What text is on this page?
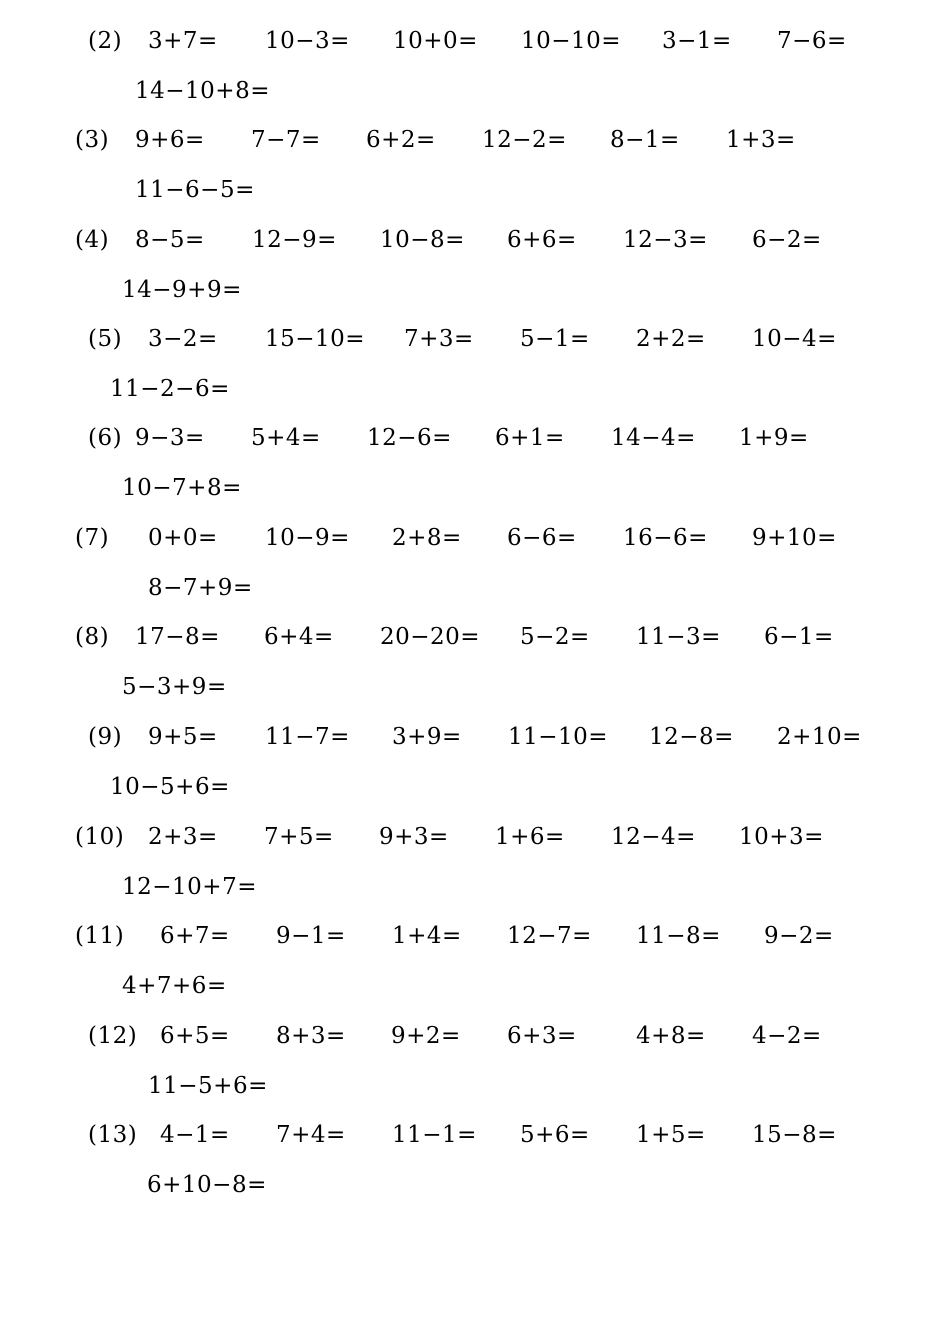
(2) 3+7= 10−3= 10+0= 10−10= 3−1= 7−6=
14−10+8=
(3) 9+6= 7−7= 6+2= 12−2= 8−1= 1+3=
11−6−5=
(4) 8−5= 12−9= 10−8= 6+6= 12−3= 6−2=
14−9+9=
(5) 3−2= 15−10= 7+3= 5−1= 2+2= 10−4=
11−2−6=
(6) 9−3= 5+4= 12−6= 6+1= 14−4= 1+9=
10−7+8=
(7) 0+0= 10−9= 2+8= 6−6= 16−6= 9+10=
8−7+9=
(8) 17−8= 6+4= 20−20= 5−2= 11−3= 6−1=
5−3+9=
(9) 9+5= 11−7= 3+9= 11−10= 12−8= 2+10=
10−5+6=
(10) 2+3= 7+5= 9+3= 1+6= 12−4= 10+3=
12−10+7=
(11) 6+7= 9−1= 1+4= 12−7= 11−8= 9−2=
4+7+6=
(12) 6+5= 8+3= 9+2= 6+3=	4+8= 4−2=
11−5+6=
(13) 4−1= 7+4= 11−1= 5+6= 1+5= 15−8=
6+10−8=
